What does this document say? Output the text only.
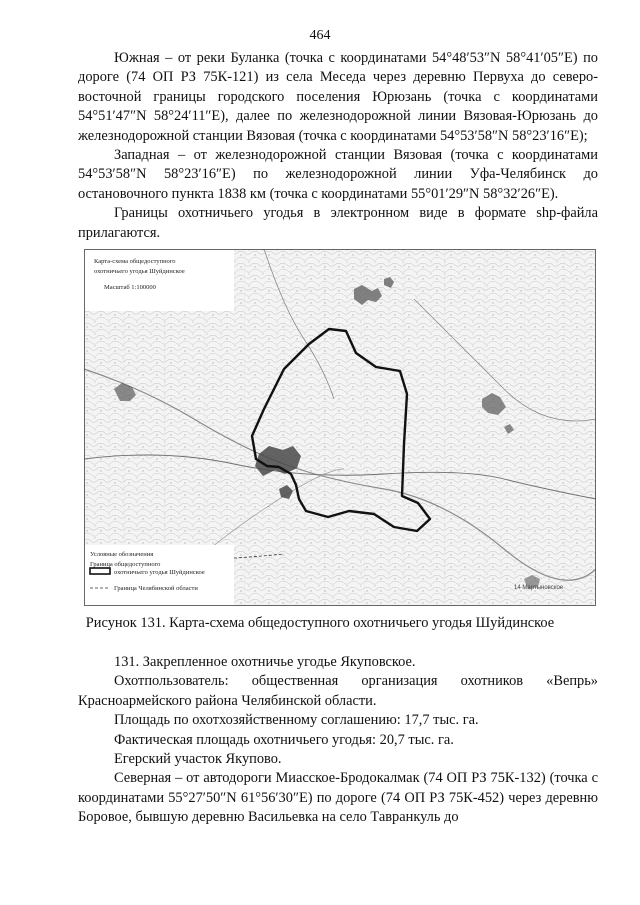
464

Южная – от реки Буланка (точка с координатами 54°48′53″N 58°41′05″E) по дороге (74 ОП РЗ 75К-121) из села Меседа через деревню Первуха до северо-восточной границы городского поселения Юрюзань (точка с координатами 54°51′47″N 58°24′11″E), далее по железнодорожной линии Вязовая-Юрюзань до железнодорожной станции Вязовая (точка с координатами 54°53′58″N 58°23′16″E);

Западная – от железнодорожной станции Вязовая (точка с координатами 54°53′58″N 58°23′16″E) по железнодорожной линии Уфа-Челябинск до остановочного пункта 1838 км (точка с координатами 55°01′29″N 58°32′26″E).

Границы охотничьего угодья в электронном виде в формате shp-файла прилагаются.

Карта-схема общедоступного
охотничьего угодья Шуйдинское
Масштаб 1:100000
Условные обозначения
Граница общедоступного
охотничьего угодья Шуйдинское
Граница Челябинской области	14 Мартыновское
Рисунок 131. Карта-схема общедоступного охотничьего угодья Шуйдинское

131. Закрепленное охотничье угодье Якуповское.

Охотпользователь: общественная организация охотников «Вепрь» Красноармейского района Челябинской области.

Площадь по охотхозяйственному соглашению: 17,7 тыс. га.

Фактическая площадь охотничьего угодья: 20,7 тыс. га.

Егерский участок Якупово.

Северная – от автодороги Миасское-Бродокалмак (74 ОП РЗ 75К-132) (точка с координатами 55°27′50″N 61°56′30″E) по дороге (74 ОП РЗ 75К-452) через деревню Боровое, бывшую деревню Васильевка на село Тавранкуль до
